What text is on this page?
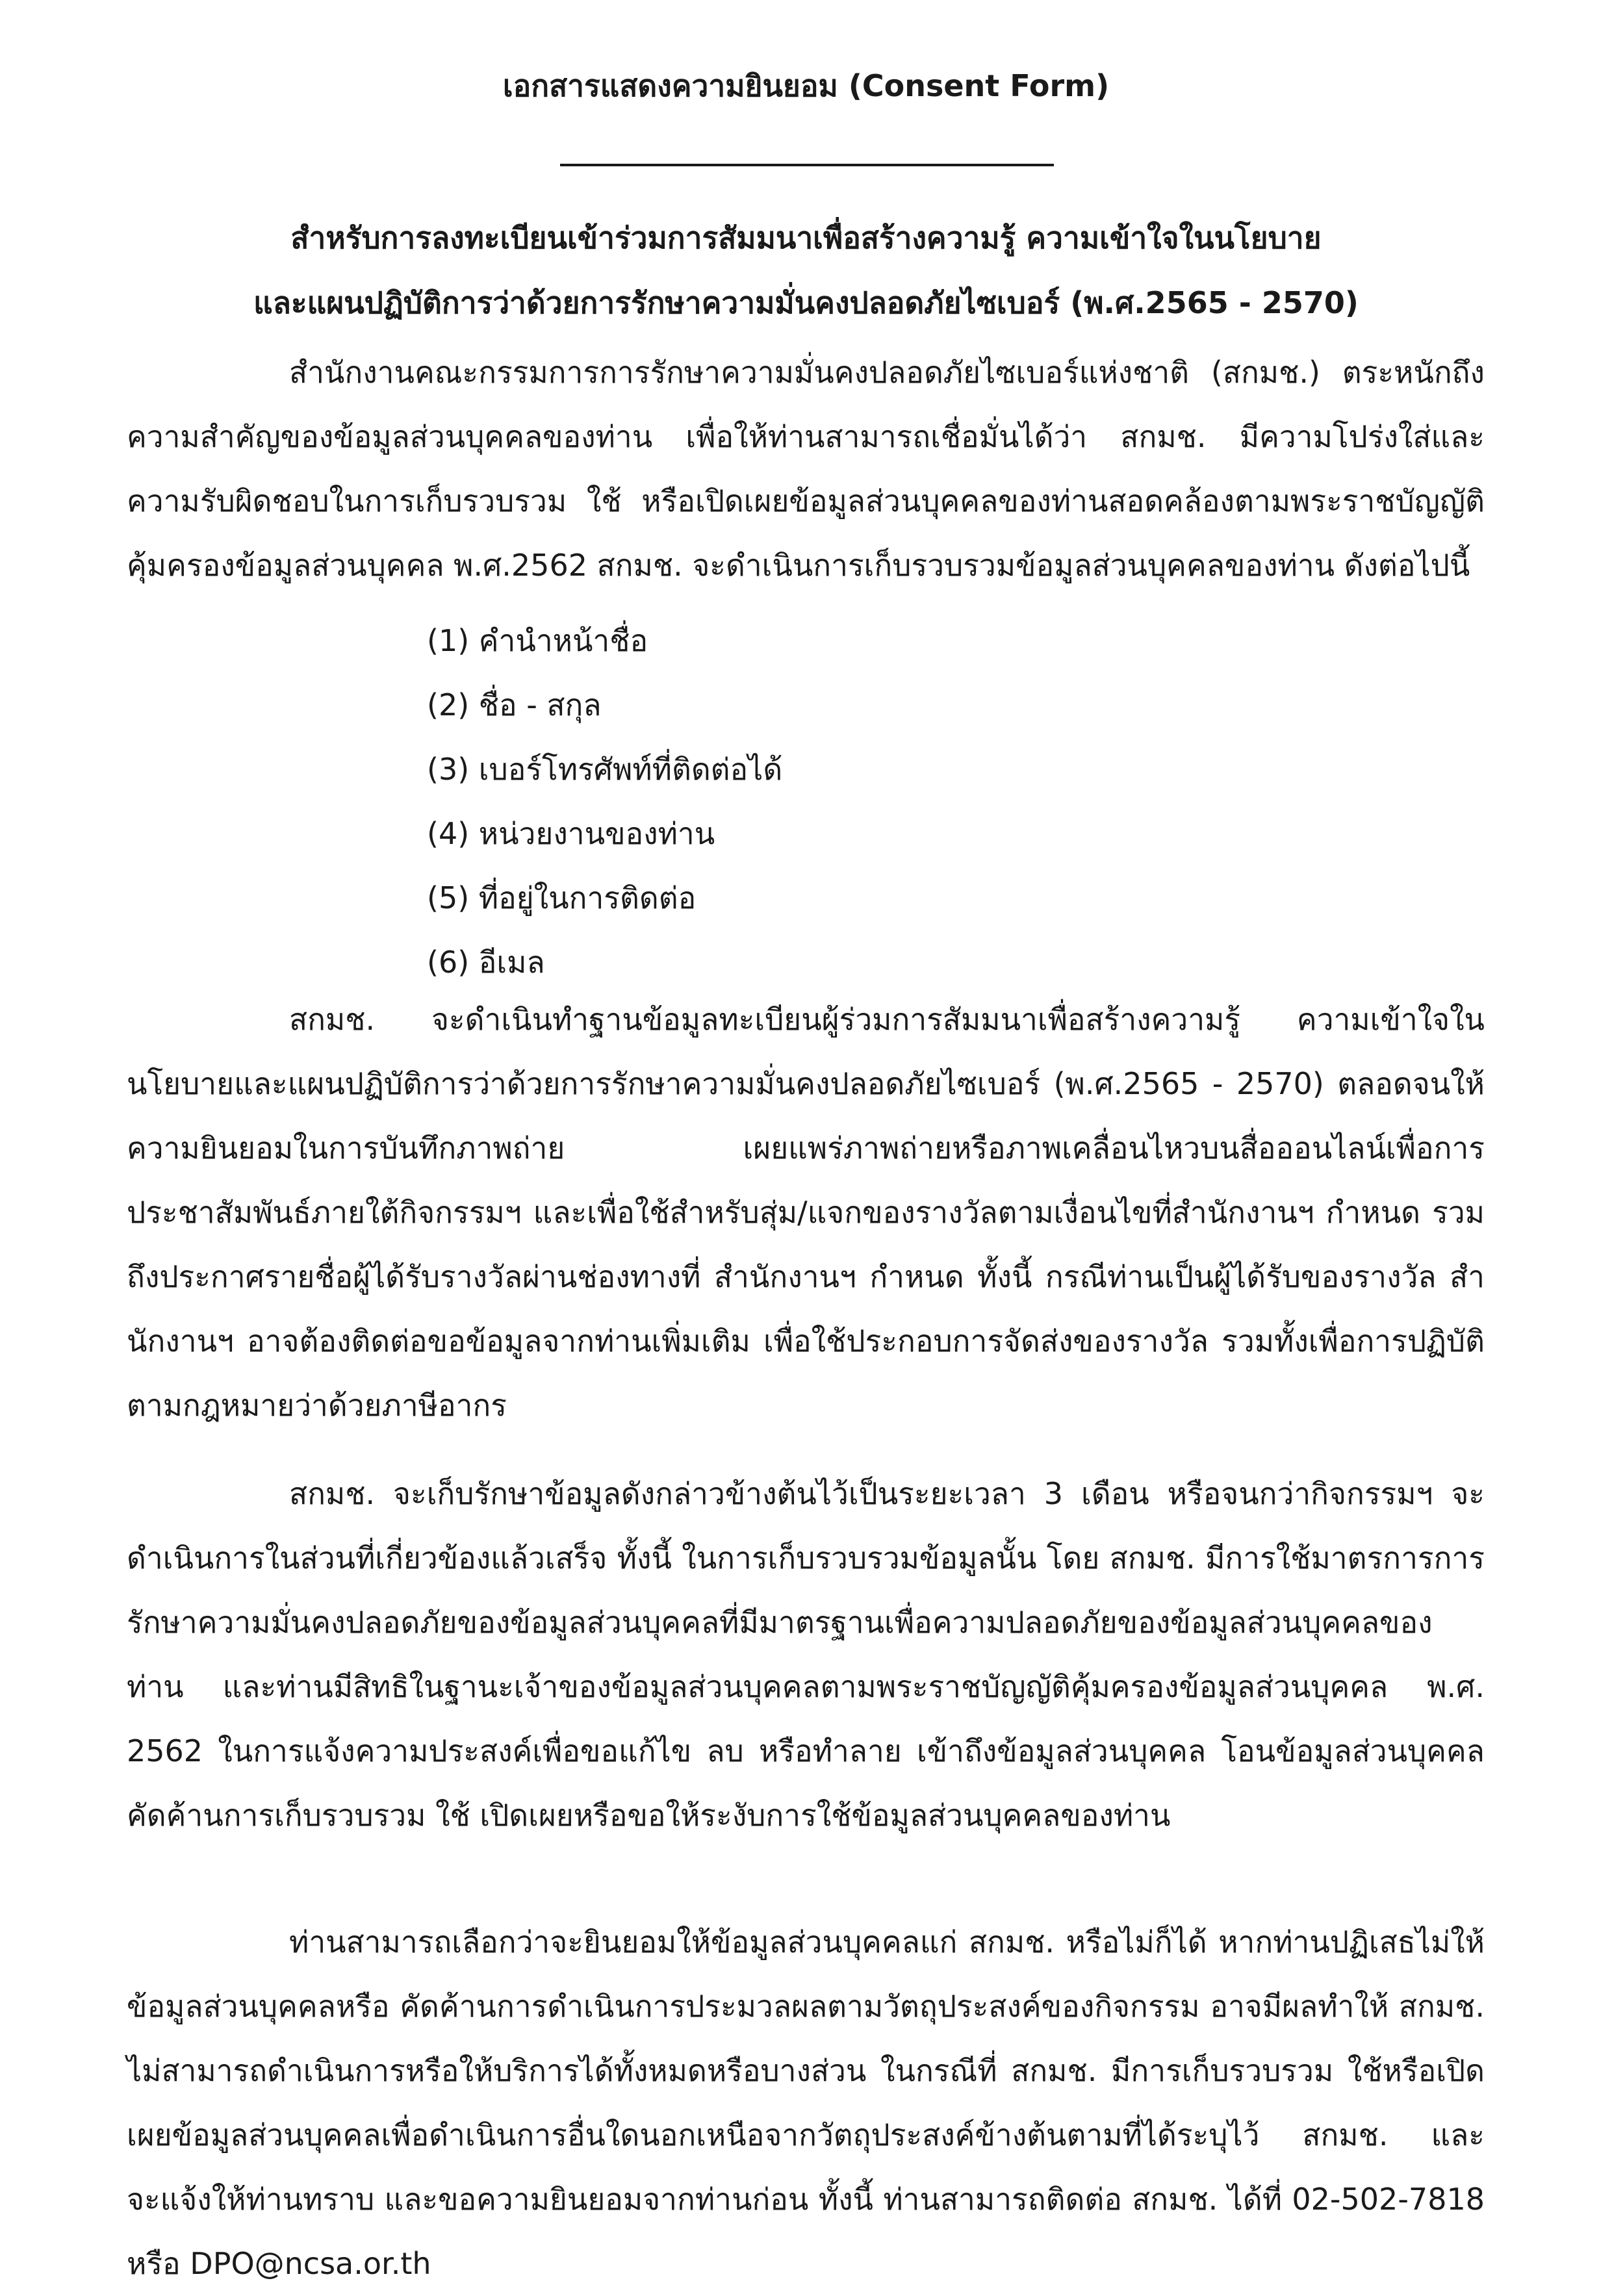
เอกสารแสดงความยินยอม (Consent Form)

สำหรับการลงทะเบียนเข้าร่วมการสัมมนาเพื่อสร้างความรู้ ความเข้าใจในนโยบาย

และแผนปฏิบัติการว่าด้วยการรักษาความมั่นคงปลอดภัยไซเบอร์ (พ.ศ.2565 - 2570)

สำนักงานคณะกรรมการการรักษาความมั่นคงปลอดภัยไซเบอร์แห่งชาติ (สกมช.) ตระหนักถึงความสำคัญของข้อมูลส่วนบุคคลของท่าน เพื่อให้ท่านสามารถเชื่อมั่นได้ว่า สกมช. มีความโปร่งใส่และความรับผิดชอบในการเก็บรวบรวม ใช้ หรือเปิดเผยข้อมูลส่วนบุคคลของท่านสอดคล้องตามพระราชบัญญัติคุ้มครองข้อมูลส่วนบุคคล พ.ศ.2562 สกมช. จะดำเนินการเก็บรวบรวมข้อมูลส่วนบุคคลของท่าน ดังต่อไปนี้

(1) คำนำหน้าชื่อ
(2) ชื่อ - สกุล
(3) เบอร์โทรศัพท์ที่ติดต่อได้
(4) หน่วยงานของท่าน
(5) ที่อยู่ในการติดต่อ
(6) อีเมล

สกมช. จะดำเนินทำฐานข้อมูลทะเบียนผู้ร่วมการสัมมนาเพื่อสร้างความรู้ ความเข้าใจในนโยบายและแผนปฏิบัติการว่าด้วยการรักษาความมั่นคงปลอดภัยไซเบอร์ (พ.ศ.2565 - 2570) ตลอดจนให้ความยินยอมในการบันทึกภาพถ่าย เผยแพร่ภาพถ่ายหรือภาพเคลื่อนไหวบนสื่อออนไลน์เพื่อการประชาสัมพันธ์ภายใต้กิจกรรมฯ และเพื่อใช้สำหรับสุ่ม/แจกของรางวัลตามเงื่อนไขที่สำนักงานฯ กำหนด รวมถึงประกาศรายชื่อผู้ได้รับรางวัลผ่านช่องทางที่ สำนักงานฯ กำหนด ทั้งนี้ กรณีท่านเป็นผู้ได้รับของรางวัล สำนักงานฯ อาจต้องติดต่อขอข้อมูลจากท่านเพิ่มเติม เพื่อใช้ประกอบการจัดส่งของรางวัล รวมทั้งเพื่อการปฏิบัติ ตามกฎหมายว่าด้วยภาษีอากร

สกมช. จะเก็บรักษาข้อมูลดังกล่าวข้างต้นไว้เป็นระยะเวลา 3 เดือน หรือจนกว่ากิจกรรมฯ จะดำเนินการในส่วนที่เกี่ยวข้องแล้วเสร็จ ทั้งนี้ ในการเก็บรวบรวมข้อมูลนั้น โดย สกมช. มีการใช้มาตรการการรักษาความมั่นคงปลอดภัยของข้อมูลส่วนบุคคลที่มีมาตรฐานเพื่อความปลอดภัยของข้อมูลส่วนบุคคลของท่าน และท่านมีสิทธิในฐานะเจ้าของข้อมูลส่วนบุคคลตามพระราชบัญญัติคุ้มครองข้อมูลส่วนบุคคล พ.ศ. 2562 ในการแจ้งความประสงค์เพื่อขอแก้ไข ลบ หรือทำลาย เข้าถึงข้อมูลส่วนบุคคล โอนข้อมูลส่วนบุคคล คัดค้านการเก็บรวบรวม ใช้ เปิดเผยหรือขอให้ระงับการใช้ข้อมูลส่วนบุคคลของท่าน

ท่านสามารถเลือกว่าจะยินยอมให้ข้อมูลส่วนบุคคลแก่ สกมช. หรือไม่ก็ได้ หากท่านปฏิเสธไม่ให้ข้อมูลส่วนบุคคลหรือ คัดค้านการดำเนินการประมวลผลตามวัตถุประสงค์ของกิจกรรม อาจมีผลทำให้ สกมช. ไม่สามารถดำเนินการหรือให้บริการได้ทั้งหมดหรือบางส่วน ในกรณีที่ สกมช. มีการเก็บรวบรวม ใช้หรือเปิดเผยข้อมูลส่วนบุคคลเพื่อดำเนินการอื่นใดนอกเหนือจากวัตถุประสงค์ข้างต้นตามที่ได้ระบุไว้ สกมช. และจะแจ้งให้ท่านทราบ และขอความยินยอมจากท่านก่อน ทั้งนี้ ท่านสามารถติดต่อ สกมช. ได้ที่ 02-502-7818 หรือ DPO@ncsa.or.th
